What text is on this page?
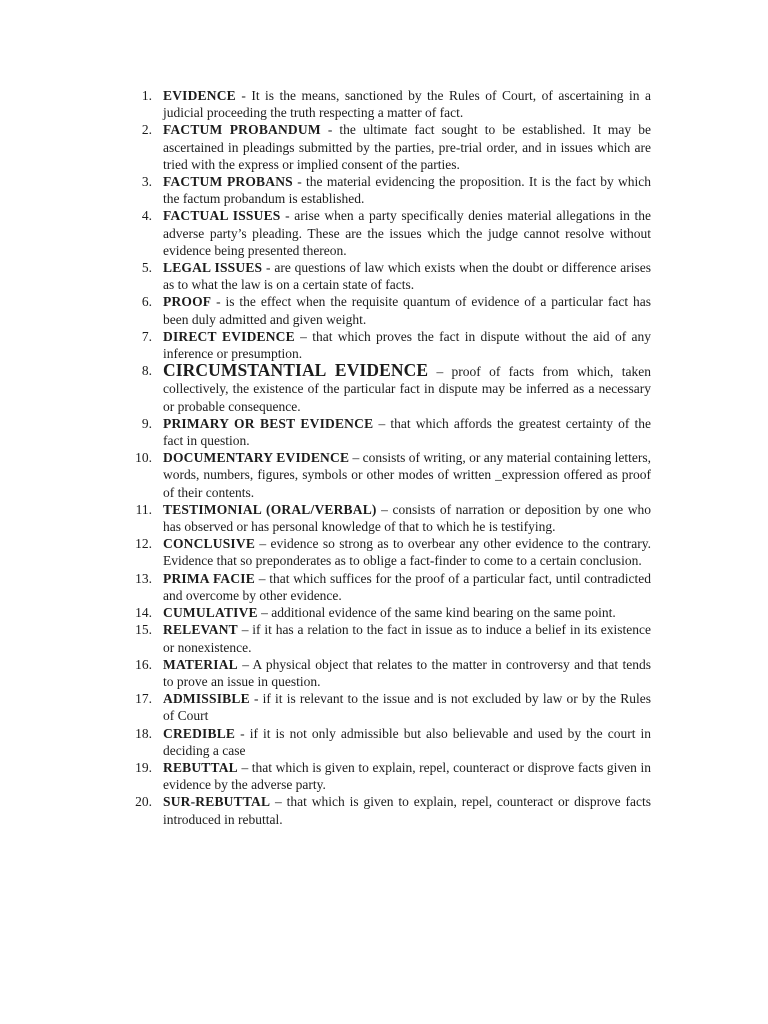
1. EVIDENCE - It is the means, sanctioned by the Rules of Court, of ascertaining in a judicial proceeding the truth respecting a matter of fact.

2. FACTUM PROBANDUM - the ultimate fact sought to be established. It may be ascertained in pleadings submitted by the parties, pre-trial order, and in issues which are tried with the express or implied consent of the parties.

3. FACTUM PROBANS - the material evidencing the proposition. It is the fact by which the factum probandum is established.

4. FACTUAL ISSUES - arise when a party specifically denies material allegations in the adverse party’s pleading. These are the issues which the judge cannot resolve without evidence being presented thereon.

5. LEGAL ISSUES - are questions of law which exists when the doubt or difference arises as to what the law is on a certain state of facts.

6. PROOF - is the effect when the requisite quantum of evidence of a particular fact has been duly admitted and given weight.

7. DIRECT EVIDENCE – that which proves the fact in dispute without the aid of any inference or presumption.

8. CIRCUMSTANTIAL EVIDENCE – proof of facts from which, taken collectively, the existence of the particular fact in dispute may be inferred as a necessary or probable consequence.

9. PRIMARY OR BEST EVIDENCE – that which affords the greatest certainty of the fact in question.

10. DOCUMENTARY EVIDENCE – consists of writing, or any material containing letters, words, numbers, figures, symbols or other modes of written _expression offered as proof of their contents.

11. TESTIMONIAL (ORAL/VERBAL) – consists of narration or deposition by one who has observed or has personal knowledge of that to which he is testifying.

12. CONCLUSIVE – evidence so strong as to overbear any other evidence to the contrary. Evidence that so preponderates as to oblige a fact-finder to come to a certain conclusion.

13. PRIMA FACIE – that which suffices for the proof of a particular fact, until contradicted and overcome by other evidence.

14. CUMULATIVE – additional evidence of the same kind bearing on the same point.

15. RELEVANT – if it has a relation to the fact in issue as to induce a belief in its existence or nonexistence.

16. MATERIAL – A physical object that relates to the matter in controversy and that tends to prove an issue in question.

17. ADMISSIBLE - if it is relevant to the issue and is not excluded by law or by the Rules of Court

18. CREDIBLE - if it is not only admissible but also believable and used by the court in deciding a case

19. REBUTTAL – that which is given to explain, repel, counteract or disprove facts given in evidence by the adverse party.

20. SUR-REBUTTAL – that which is given to explain, repel, counteract or disprove facts introduced in rebuttal.
